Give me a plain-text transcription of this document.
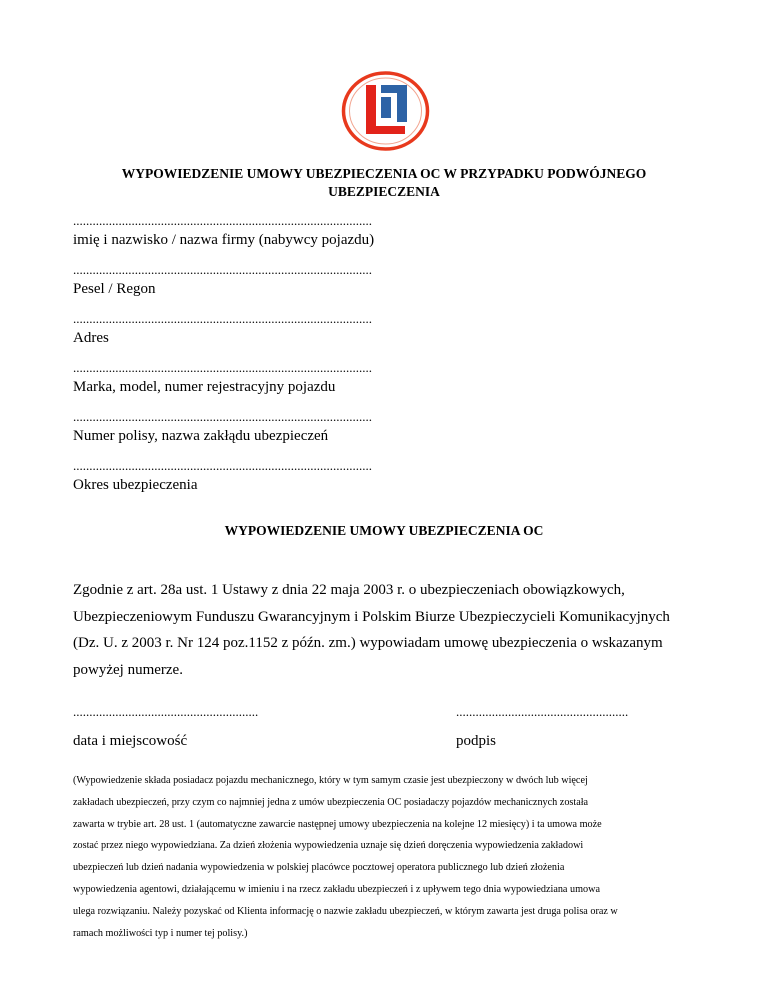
WYPOWIEDZENIE UMOWY UBEZPIECZENIA OC W PRZYPADKU PODWÓJNEGO
UBEZPIECZENIA
............................................................................................
imię i nazwisko / nazwa firmy (nabywcy pojazdu)
............................................................................................
Pesel / Regon
............................................................................................
Adres
............................................................................................
Marka, model, numer rejestracyjny pojazdu
............................................................................................
Numer polisy, nazwa zakłądu ubezpieczeń
............................................................................................
Okres ubezpieczenia
WYPOWIEDZENIE UMOWY UBEZPIECZENIA OC
Zgodnie z art. 28a ust. 1 Ustawy z dnia 22 maja 2003 r. o ubezpieczeniach obowiązkowych,
Ubezpieczeniowym Funduszu Gwarancyjnym i Polskim Biurze Ubezpieczycieli Komunikacyjnych
(Dz. U. z 2003 r. Nr 124 poz.1152 z późn. zm.) wypowiadam umowę ubezpieczenia o wskazanym
powyżej numerze.
.........................................................
data i miejscowość
.....................................................
podpis
(Wypowiedzenie składa posiadacz pojazdu mechanicznego, który w tym samym czasie jest ubezpieczony w dwóch lub więcej
zakładach ubezpieczeń, przy czym co najmniej jedna z umów ubezpieczenia OC posiadaczy pojazdów mechanicznych została
zawarta w trybie art. 28 ust. 1 (automatyczne zawarcie następnej umowy ubezpieczenia na kolejne 12 miesięcy) i ta umowa może
zostać przez niego wypowiedziana. Za dzień złożenia wypowiedzenia uznaje się dzień doręczenia wypowiedzenia zakładowi
ubezpieczeń lub dzień nadania wypowiedzenia w polskiej placówce pocztowej operatora publicznego lub dzień złożenia
wypowiedzenia agentowi, działającemu w imieniu i na rzecz zakładu ubezpieczeń i z upływem tego dnia wypowiedziana umowa
ulega rozwiązaniu. Należy pozyskać od Klienta informację o nazwie zakładu ubezpieczeń, w którym zawarta jest druga polisa oraz w
ramach możliwości typ i numer tej polisy.)
